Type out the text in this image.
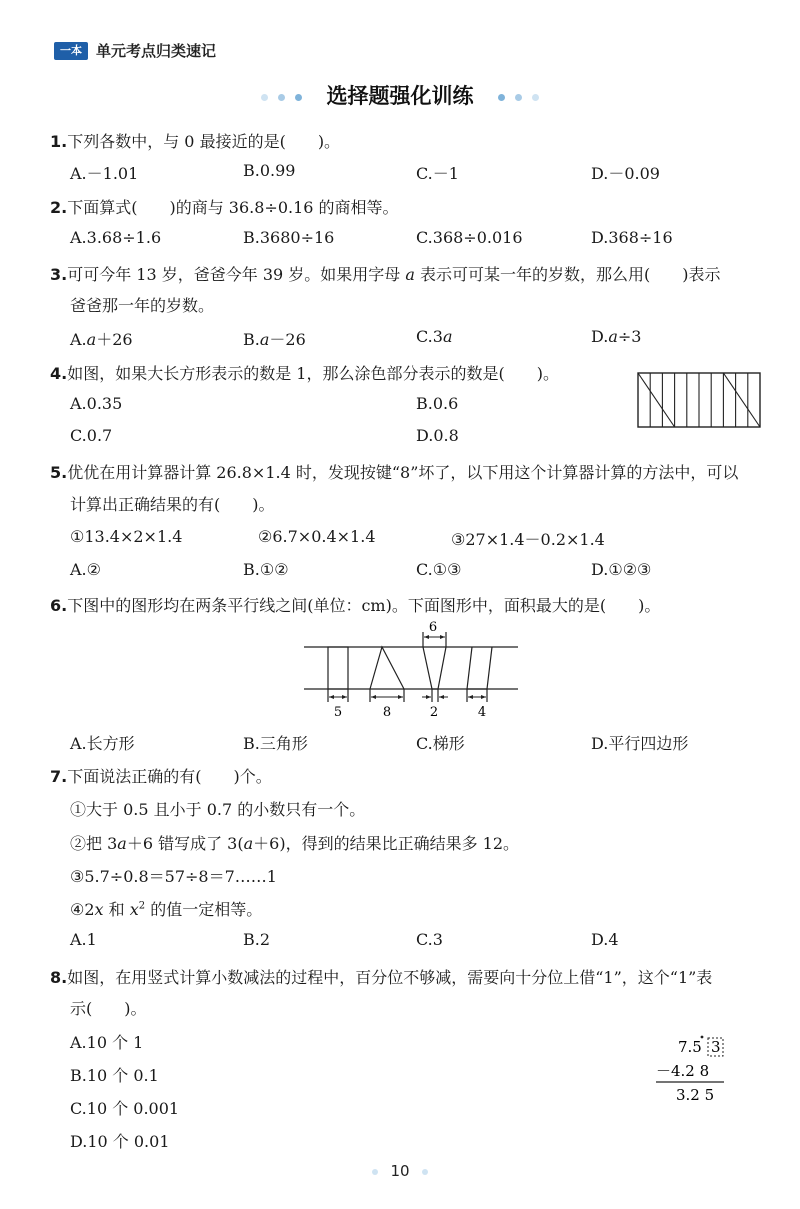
一本 单元考点归类速记
选择题强化训练
1.下列各数中，与 0 最接近的是(　　)。
A.－1.01	B.0.99	C.－1	D.－0.09
2.下面算式(　　)的商与 36.8÷0.16 的商相等。
A.3.68÷1.6	B.3680÷16	C.368÷0.016	D.368÷16
3.可可今年 13 岁，爸爸今年 39 岁。如果用字母 a 表示可可某一年的岁数，那么用(　　)表示
爸爸那一年的岁数。
A.a＋26	B.a－26	C.3a	D.a÷3
4.如图，如果大长方形表示的数是 1，那么涂色部分表示的数是(　　)。
A.0.35	B.0.6
C.0.7	D.0.8
5.优优在用计算器计算 26.8×1.4 时，发现按键“8”坏了，以下用这个计算器计算的方法中，可以
计算出正确结果的有(　　)。
①13.4×2×1.4	②6.7×0.4×1.4	③27×1.4－0.2×1.4
A.②	B.①②	C.①③	D.①②③
6.下图中的图形均在两条平行线之间(单位：cm)。下面图形中，面积最大的是(　　)。
6
5	8	2	4
A.长方形	B.三角形	C.梯形	D.平行四边形
7.下面说法正确的有(　　)个。
①大于 0.5 且小于 0.7 的小数只有一个。
②把 3a＋6 错写成了 3(a＋6)，得到的结果比正确结果多 12。
③5.7÷0.8＝57÷8＝7……1
④2x 和 $x^2$ 的值一定相等。
A.1	B.2	C.3	D.4
8.如图，在用竖式计算小数减法的过程中，百分位不够减，需要向十分位上借“1”，这个“1”表
示(　　)。
A.10 个 1
B.10 个 0.1
C.10 个 0.001
D.10 个 0.01
7.5 3
－4.2 8
3.2 5
10
